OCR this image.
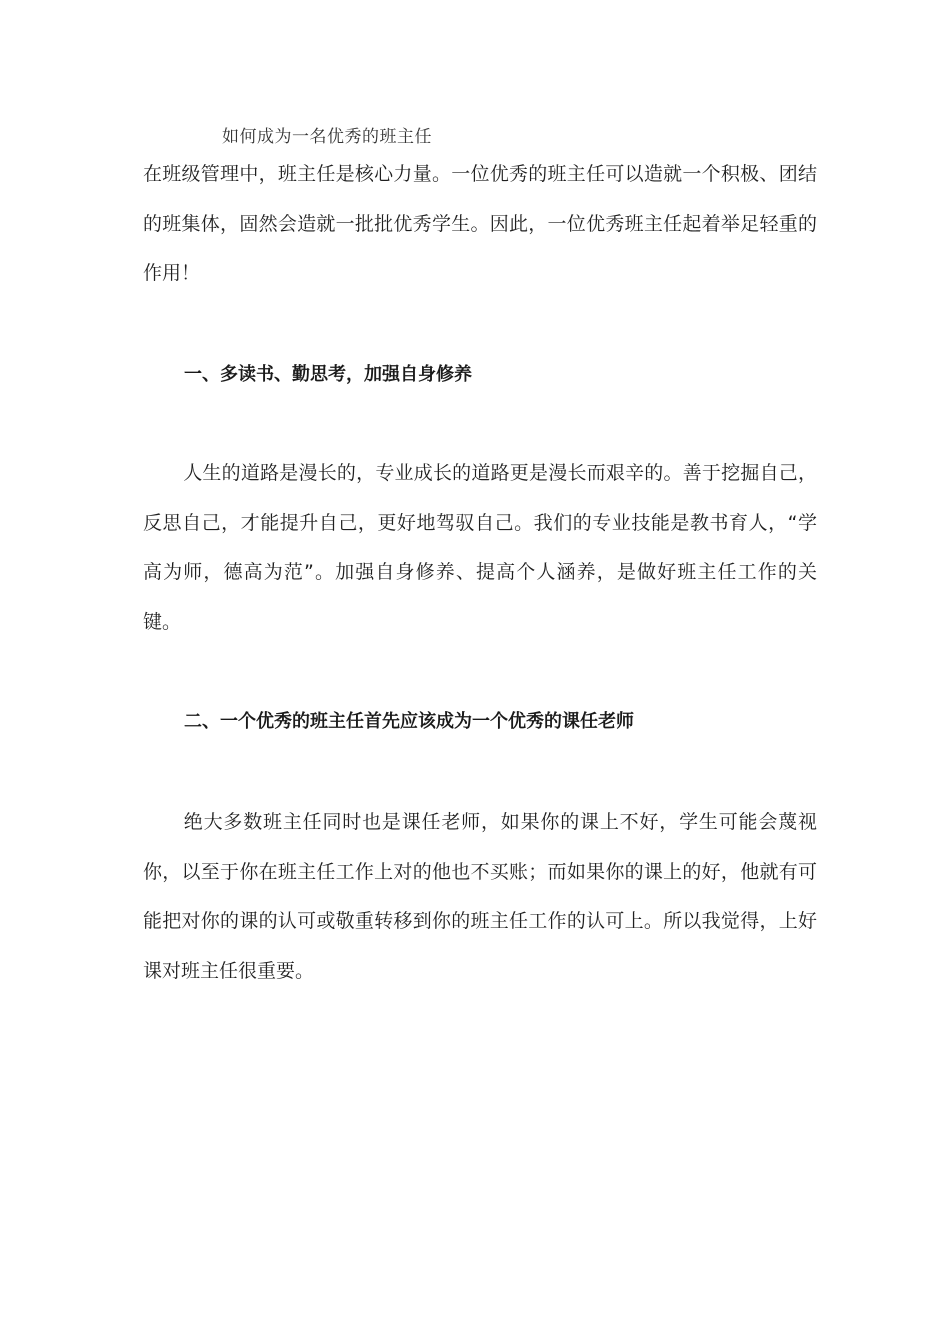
如何成为一名优秀的班主任

在班级管理中，班主任是核心力量。一位优秀的班主任可以造就一个积极、团结的班集体，固然会造就一批批优秀学生。因此，一位优秀班主任起着举足轻重的作用！

一、多读书、勤思考，加强自身修养

人生的道路是漫长的，专业成长的道路更是漫长而艰辛的。善于挖掘自己，反思自己，才能提升自己，更好地驾驭自己。我们的专业技能是教书育人，“学高为师，德高为范”。加强自身修养、提高个人涵养，是做好班主任工作的关键。

二、一个优秀的班主任首先应该成为一个优秀的课任老师

绝大多数班主任同时也是课任老师，如果你的课上不好，学生可能会蔑视你，以至于你在班主任工作上对的他也不买账；而如果你的课上的好，他就有可能把对你的课的认可或敬重转移到你的班主任工作的认可上。所以我觉得，上好课对班主任很重要。
